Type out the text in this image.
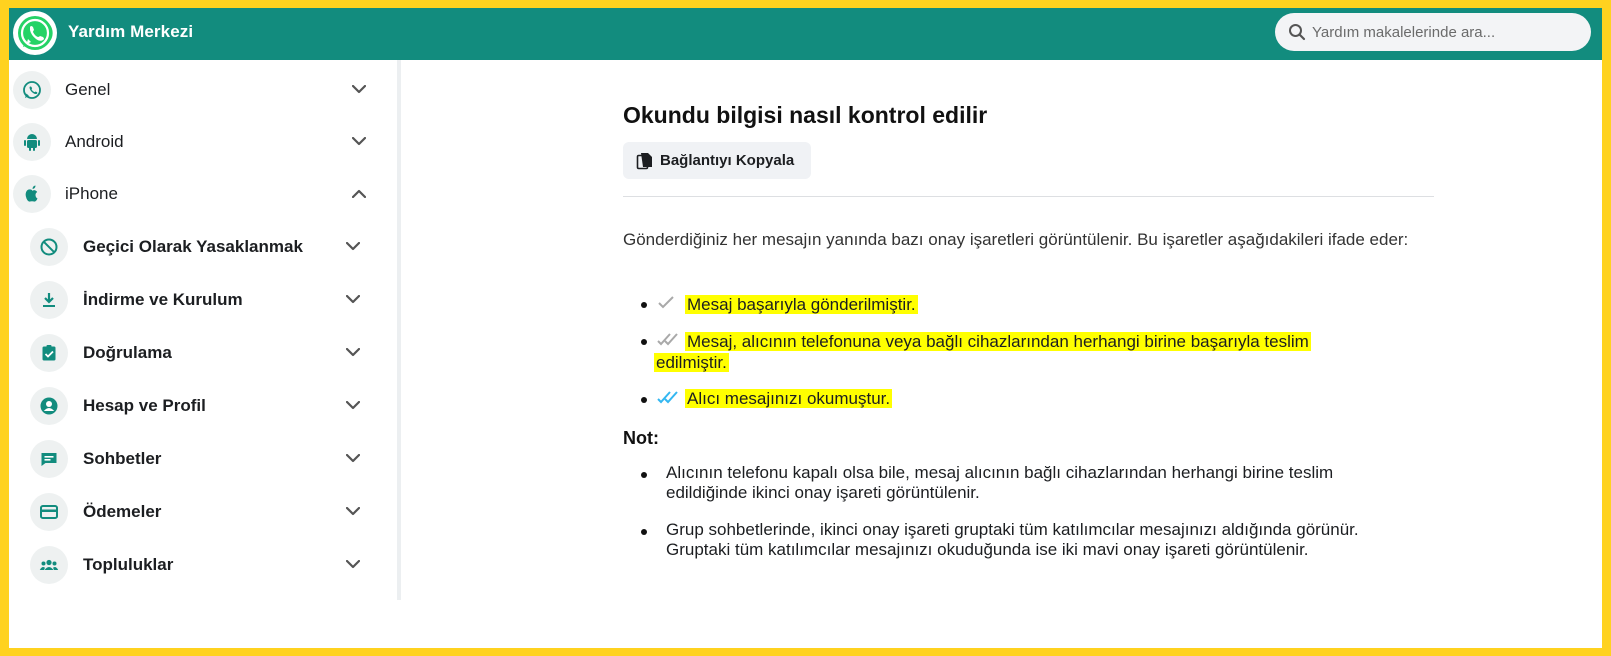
Yardım Merkezi
Yardım makalelerinde ara...
Genel
Android
iPhone
Geçici Olarak Yasaklanmak
İndirme ve Kurulum
Doğrulama
Hesap ve Profil
Sohbetler
Ödemeler
Topluluklar
Okundu bilgisi nasıl kontrol edilir
Bağlantıyı Kopyala

Gönderdiğiniz her mesajın yanında bazı onay işaretleri görüntülenir. Bu işaretler aşağıdakileri ifade eder:

Mesaj başarıyla gönderilmiştir.
Mesaj, alıcının telefonuna veya bağlı cihazlarından herhangi birine başarıyla teslim edilmiştir.
Alıcı mesajınızı okumuştur.
Not:
Alıcının telefonu kapalı olsa bile, mesaj alıcının bağlı cihazlarından herhangi birine teslim edildiğinde ikinci onay işareti görüntülenir.
Grup sohbetlerinde, ikinci onay işareti gruptaki tüm katılımcılar mesajınızı aldığında görünür. Gruptaki tüm katılımcılar mesajınızı okuduğunda ise iki mavi onay işareti görüntülenir.
